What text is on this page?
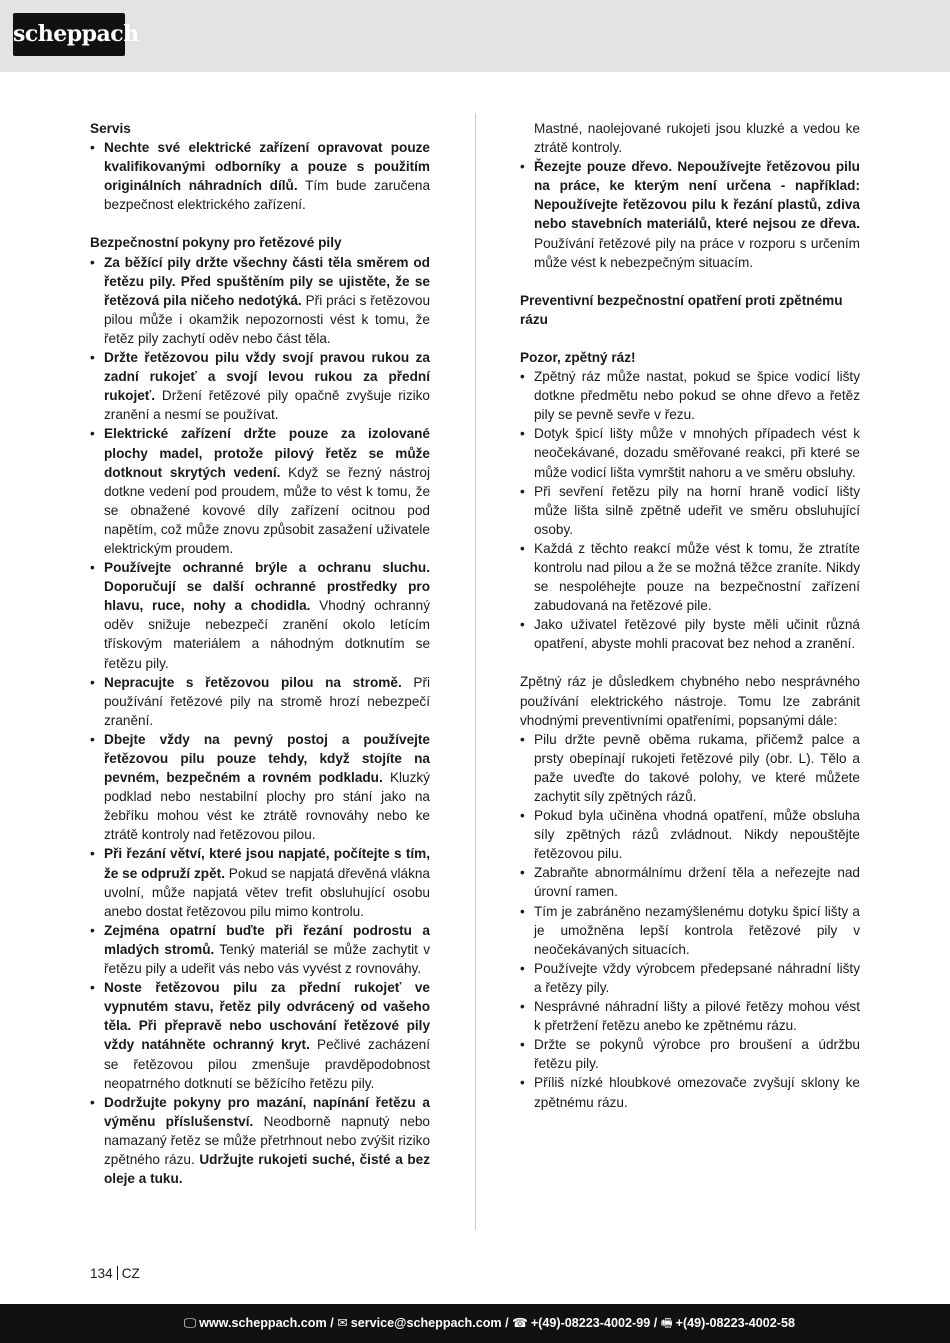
scheppach
Servis
• Nechte své elektrické zařízení opravovat pouze kvalifikovanými odborníky a pouze s použitím originálních náhradních dílů. Tím bude zaručena bezpečnost elektrického zařízení.
Bezpečnostní pokyny pro řetězové pily
• Za běžící pily držte všechny části těla směrem od řetězu pily. Před spuštěním pily se ujistěte, že se řetězová pila ničeho nedotýká. Při práci s řetězovou pilou může i okamžik nepozornosti vést k tomu, že řetěz pily zachytí oděv nebo část těla.
• Držte řetězovou pilu vždy svojí pravou rukou za zadní rukojeť a svojí levou rukou za přední rukojeť. Držení řetězové pily opačně zvyšuje riziko zranění a nesmí se používat.
• Elektrické zařízení držte pouze za izolované plochy madel, protože pilový řetěz se může dotknout skrytých vedení. Když se řezný nástroj dotkne vedení pod proudem, může to vést k tomu, že se obnažené kovové díly zařízení ocitnou pod napětím, což může znovu způsobit zasažení uživatele elektrickým proudem.
• Používejte ochranné brýle a ochranu sluchu. Doporučují se další ochranné prostředky pro hlavu, ruce, nohy a chodidla. Vhodný ochranný oděv snižuje nebezpečí zranění okolo letícím třískovým materiálem a náhodným dotknutím se řetězu pily.
• Nepracujte s řetězovou pilou na stromě. Při používání řetězové pily na stromě hrozí nebezpečí zranění.
• Dbejte vždy na pevný postoj a používejte řetězovou pilu pouze tehdy, když stojíte na pevném, bezpečném a rovném podkladu. Kluzký podklad nebo nestabilní plochy pro stání jako na žebříku mohou vést ke ztrátě rovnováhy nebo ke ztrátě kontroly nad řetězovou pilou.
• Při řezání větví, které jsou napjaté, počítejte s tím, že se odpruží zpět. Pokud se napjatá dřevěná vlákna uvolní, může napjatá větev trefit obsluhující osobu anebo dostat řetězovou pilu mimo kontrolu.
• Zejména opatrní buďte při řezání podrostu a mladých stromů. Tenký materiál se může zachytit v řetězu pily a udeřit vás nebo vás vyvést z rovnováhy.
• Noste řetězovou pilu za přední rukojeť ve vypnutém stavu, řetěz pily odvrácený od vašeho těla. Při přepravě nebo uschování řetězové pily vždy natáhněte ochranný kryt. Pečlivé zacházení se řetězovou pilou zmenšuje pravděpodobnost neopatrného dotknutí se běžícího řetězu pily.
• Dodržujte pokyny pro mazání, napínání řetězu a výměnu příslušenství. Neodborně napnutý nebo namazaný řetěz se může přetrhnout nebo zvýšit riziko zpětného rázu. Udržujte rukojeti suché, čisté a bez oleje a tuku.
Mastné, naolejované rukojeti jsou kluzké a vedou ke ztrátě kontroly.
• Řezejte pouze dřevo. Nepoužívejte řetězovou pilu na práce, ke kterým není určena - například: Nepoužívejte řetězovou pilu k řezání plastů, zdiva nebo stavebních materiálů, které nejsou ze dřeva. Používání řetězové pily na práce v rozporu s určením může vést k nebezpečným situacím.
Preventivní bezpečnostní opatření proti zpětnému rázu
Pozor, zpětný ráz!
• Zpětný ráz může nastat, pokud se špice vodicí lišty dotkne předmětu nebo pokud se ohne dřevo a řetěz pily se pevně sevře v řezu.
• Dotyk špicí lišty může v mnohých případech vést k neočekávané, dozadu směřované reakci, při které se může vodicí lišta vymrštit nahoru a ve směru obsluhy.
• Při sevření řetězu pily na horní hraně vodicí lišty může lišta silně zpětně udeřit ve směru obsluhující osoby.
• Každá z těchto reakcí může vést k tomu, že ztratíte kontrolu nad pilou a že se možná těžce zraníte. Nikdy se nespoléhejte pouze na bezpečnostní zařízení zabudovaná na řetězové pile.
• Jako uživatel řetězové pily byste měli učinit různá opatření, abyste mohli pracovat bez nehod a zranění.

Zpětný ráz je důsledkem chybného nebo nesprávného používání elektrického nástroje. Tomu lze zabránit vhodnými preventivními opatřeními, popsanými dále:

• Pilu držte pevně oběma rukama, přičemž palce a prsty obepínají rukojeti řetězové pily (obr. L). Tělo a paže uveďte do takové polohy, ve které můžete zachytit síly zpětných rázů.
• Pokud byla učiněna vhodná opatření, může obsluha síly zpětných rázů zvládnout. Nikdy nepouštějte řetězovou pilu.
• Zabraňte abnormálnímu držení těla a neřezejte nad úrovní ramen.
• Tím je zabráněno nezamýšlenému dotyku špicí lišty a je umožněna lepší kontrola řetězové pily v neočekávaných situacích.
• Používejte vždy výrobcem předepsané náhradní lišty a řetězy pily.
• Nesprávné náhradní lišty a pilové řetězy mohou vést k přetržení řetězu anebo ke zpětnému rázu.
• Držte se pokynů výrobce pro broušení a údržbu řetězu pily.
• Příliš nízké hloubkové omezovače zvyšují sklony ke zpětnému rázu.
134 CZ
🖵 www.scheppach.com / ✉ service@scheppach.com / ☎ +(49)-08223-4002-99 / 🖷 +(49)-08223-4002-58
